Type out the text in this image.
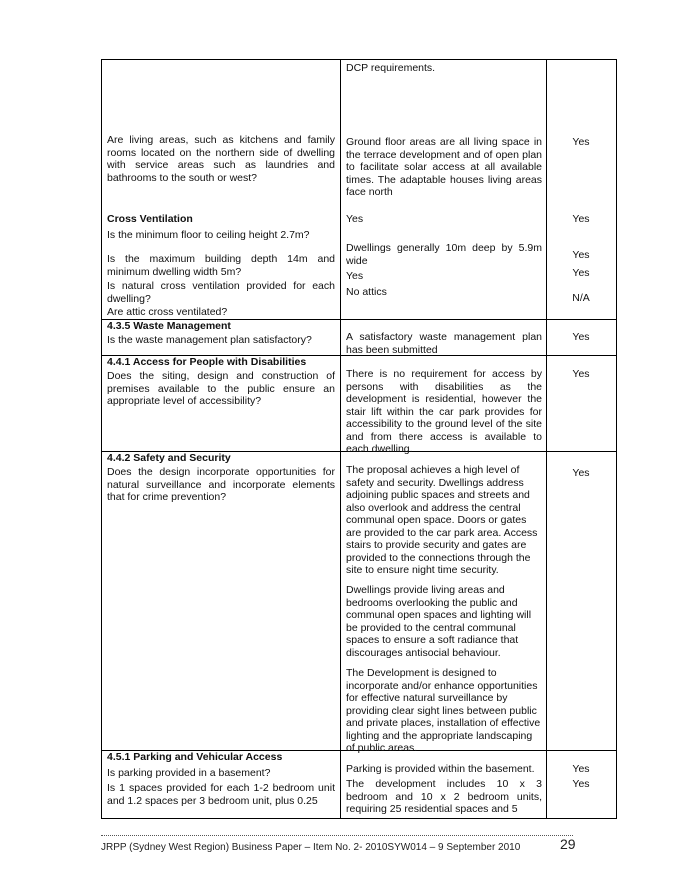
DCP requirements.
Are living areas, such as kitchens and family rooms located on the northern side of dwelling with service areas such as laundries and bathrooms to the south or west?
Ground floor areas are all living space in the terrace development and of open plan to facilitate solar access at all available times. The adaptable houses living areas face north
Yes
Cross Ventilation
Is the minimum floor to ceiling height 2.7m?
Is the maximum building depth 14m and minimum dwelling width 5m?
Is natural cross ventilation provided for each dwelling?
Are attic cross ventilated?
Yes
Dwellings generally 10m deep by 5.9m wide
Yes
No attics
Yes
Yes
Yes
N/A
4.3.5 Waste Management
Is the waste management plan satisfactory?	A satisfactory waste management plan has been submitted
Yes
4.4.1 Access for People with Disabilities
Does the siting, design and construction of premises available to the public ensure an appropriate level of accessibility?
There is no requirement for access by persons with disabilities as the development is residential, however the stair lift within the car park provides for accessibility to the ground level of the site and from there access is available to each dwelling.
Yes
4.4.2 Safety and Security
Does the design incorporate opportunities for natural surveillance and incorporate elements that for crime prevention?
The proposal achieves a high level of safety and security. Dwellings address adjoining public spaces and streets and also overlook and address the central communal open space. Doors or gates are provided to the car park area. Access stairs to provide security and gates are provided to the connections through the site to ensure night time security.
Dwellings provide living areas and bedrooms overlooking the public and communal open spaces and lighting will be provided to the central communal spaces to ensure a soft radiance that discourages antisocial behaviour.
The Development is designed to incorporate and/or enhance opportunities for effective natural surveillance by providing clear sight lines between public and private places, installation of effective lighting and the appropriate landscaping of public areas.
Yes
4.5.1 Parking and Vehicular Access
Is parking provided in a basement?
Is 1 spaces provided for each 1-2 bedroom unit and 1.2 spaces per 3 bedroom unit, plus 0.25
Parking is provided within the basement.
The development includes 10 x 3 bedroom and 10 x 2 bedroom units, requiring 25 residential spaces and 5
Yes
Yes
JRPP (Sydney West Region) Business Paper – Item No. 2- 2010SYW014 – 9 September 2010	29
